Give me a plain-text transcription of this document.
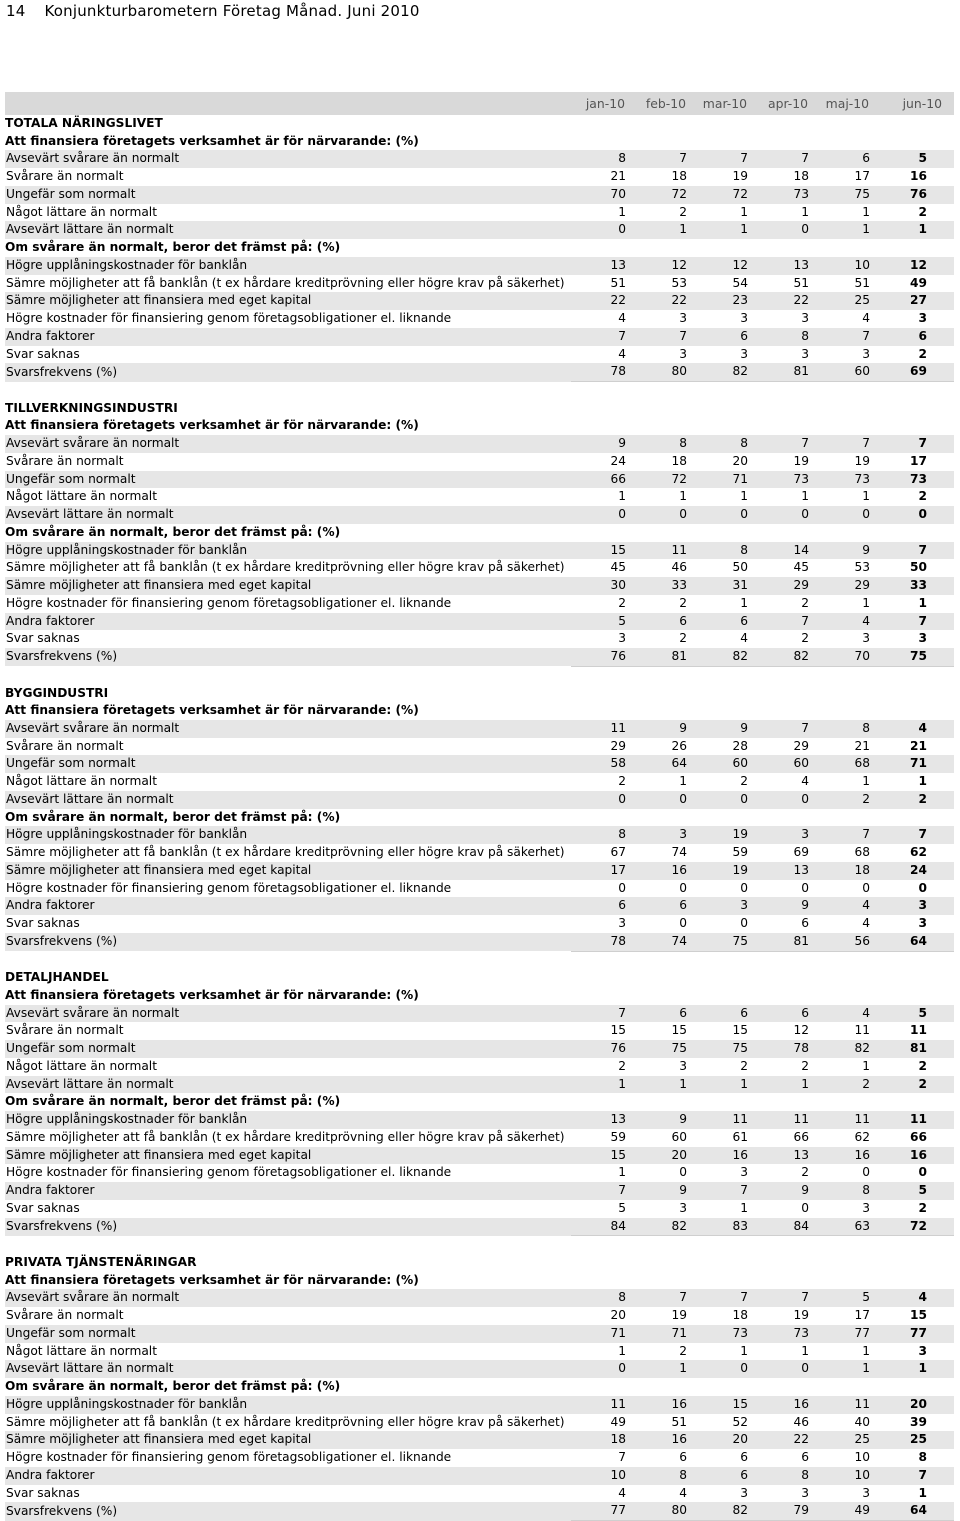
14 Konjunkturbarometern Företag Månad. Juni 2010
	jan-10	feb-10	mar-10	apr-10	maj-10	jun-10
TOTALA NÄRINGSLIVET						
Att finansiera företagets verksamhet är för närvarande: (%)						
Avsevärt svårare än normalt	8	7	7	7	6	5
Svårare än normalt	21	18	19	18	17	16
Ungefär som normalt	70	72	72	73	75	76
Något lättare än normalt	1	2	1	1	1	2
Avsevärt lättare än normalt	0	1	1	0	1	1
Om svårare än normalt, beror det främst på: (%)						
Högre upplåningskostnader för banklån	13	12	12	13	10	12
Sämre möjligheter att få banklån (t ex hårdare kreditprövning eller högre krav på säkerhet)	51	53	54	51	51	49
Sämre möjligheter att finansiera med eget kapital	22	22	23	22	25	27
Högre kostnader för finansiering genom företagsobligationer el. liknande	4	3	3	3	4	3
Andra faktorer	7	7	6	8	7	6
Svar saknas	4	3	3	3	3	2
Svarsfrekvens (%)	78	80	82	81	60	69

TILLVERKNINGSINDUSTRI						
Att finansiera företagets verksamhet är för närvarande: (%)						
Avsevärt svårare än normalt	9	8	8	7	7	7
Svårare än normalt	24	18	20	19	19	17
Ungefär som normalt	66	72	71	73	73	73
Något lättare än normalt	1	1	1	1	1	2
Avsevärt lättare än normalt	0	0	0	0	0	0
Om svårare än normalt, beror det främst på: (%)						
Högre upplåningskostnader för banklån	15	11	8	14	9	7
Sämre möjligheter att få banklån (t ex hårdare kreditprövning eller högre krav på säkerhet)	45	46	50	45	53	50
Sämre möjligheter att finansiera med eget kapital	30	33	31	29	29	33
Högre kostnader för finansiering genom företagsobligationer el. liknande	2	2	1	2	1	1
Andra faktorer	5	6	6	7	4	7
Svar saknas	3	2	4	2	3	3
Svarsfrekvens (%)	76	81	82	82	70	75

BYGGINDUSTRI						
Att finansiera företagets verksamhet är för närvarande: (%)						
Avsevärt svårare än normalt	11	9	9	7	8	4
Svårare än normalt	29	26	28	29	21	21
Ungefär som normalt	58	64	60	60	68	71
Något lättare än normalt	2	1	2	4	1	1
Avsevärt lättare än normalt	0	0	0	0	2	2
Om svårare än normalt, beror det främst på: (%)						
Högre upplåningskostnader för banklån	8	3	19	3	7	7
Sämre möjligheter att få banklån (t ex hårdare kreditprövning eller högre krav på säkerhet)	67	74	59	69	68	62
Sämre möjligheter att finansiera med eget kapital	17	16	19	13	18	24
Högre kostnader för finansiering genom företagsobligationer el. liknande	0	0	0	0	0	0
Andra faktorer	6	6	3	9	4	3
Svar saknas	3	0	0	6	4	3
Svarsfrekvens (%)	78	74	75	81	56	64

DETALJHANDEL						
Att finansiera företagets verksamhet är för närvarande: (%)						
Avsevärt svårare än normalt	7	6	6	6	4	5
Svårare än normalt	15	15	15	12	11	11
Ungefär som normalt	76	75	75	78	82	81
Något lättare än normalt	2	3	2	2	1	2
Avsevärt lättare än normalt	1	1	1	1	2	2
Om svårare än normalt, beror det främst på: (%)						
Högre upplåningskostnader för banklån	13	9	11	11	11	11
Sämre möjligheter att få banklån (t ex hårdare kreditprövning eller högre krav på säkerhet)	59	60	61	66	62	66
Sämre möjligheter att finansiera med eget kapital	15	20	16	13	16	16
Högre kostnader för finansiering genom företagsobligationer el. liknande	1	0	3	2	0	0
Andra faktorer	7	9	7	9	8	5
Svar saknas	5	3	1	0	3	2
Svarsfrekvens (%)	84	82	83	84	63	72

PRIVATA TJÄNSTENÄRINGAR						
Att finansiera företagets verksamhet är för närvarande: (%)						
Avsevärt svårare än normalt	8	7	7	7	5	4
Svårare än normalt	20	19	18	19	17	15
Ungefär som normalt	71	71	73	73	77	77
Något lättare än normalt	1	2	1	1	1	3
Avsevärt lättare än normalt	0	1	0	0	1	1
Om svårare än normalt, beror det främst på: (%)						
Högre upplåningskostnader för banklån	11	16	15	16	11	20
Sämre möjligheter att få banklån (t ex hårdare kreditprövning eller högre krav på säkerhet)	49	51	52	46	40	39
Sämre möjligheter att finansiera med eget kapital	18	16	20	22	25	25
Högre kostnader för finansiering genom företagsobligationer el. liknande	7	6	6	6	10	8
Andra faktorer	10	8	6	8	10	7
Svar saknas	4	4	3	3	3	1
Svarsfrekvens (%)	77	80	82	79	49	64
